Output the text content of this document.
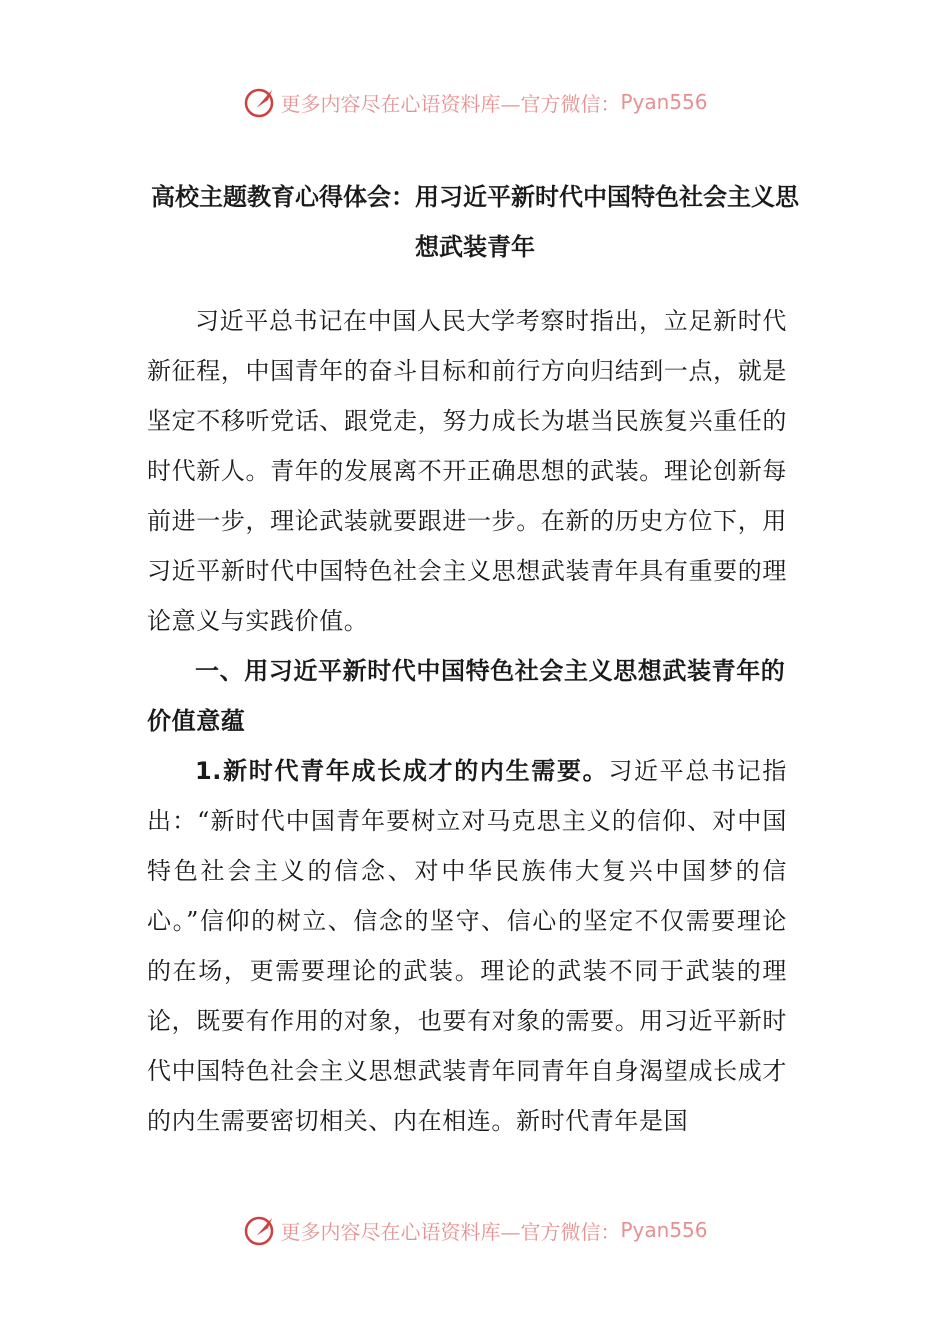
更多内容尽在心语资料库—官方微信： Pyan556
高校主题教育心得体会：用习近平新时代中国特色社会主义思想武装青年

习近平总书记在中国人民大学考察时指出，立足新时代新征程，中国青年的奋斗目标和前行方向归结到一点，就是坚定不移听党话、跟党走，努力成长为堪当民族复兴重任的时代新人。青年的发展离不开正确思想的武装。理论创新每前进一步，理论武装就要跟进一步。在新的历史方位下，用习近平新时代中国特色社会主义思想武装青年具有重要的理论意义与实践价值。

一、用习近平新时代中国特色社会主义思想武装青年的价值意蕴

1.新时代青年成长成才的内生需要。习近平总书记指出：“新时代中国青年要树立对马克思主义的信仰、对中国特色社会主义的信念、对中华民族伟大复兴中国梦的信心。”信仰的树立、信念的坚守、信心的坚定不仅需要理论的在场，更需要理论的武装。理论的武装不同于武装的理论，既要有作用的对象，也要有对象的需要。用习近平新时代中国特色社会主义思想武装青年同青年自身渴望成长成才的内生需要密切相关、内在相连。新时代青年是国

更多内容尽在心语资料库—官方微信： Pyan556
